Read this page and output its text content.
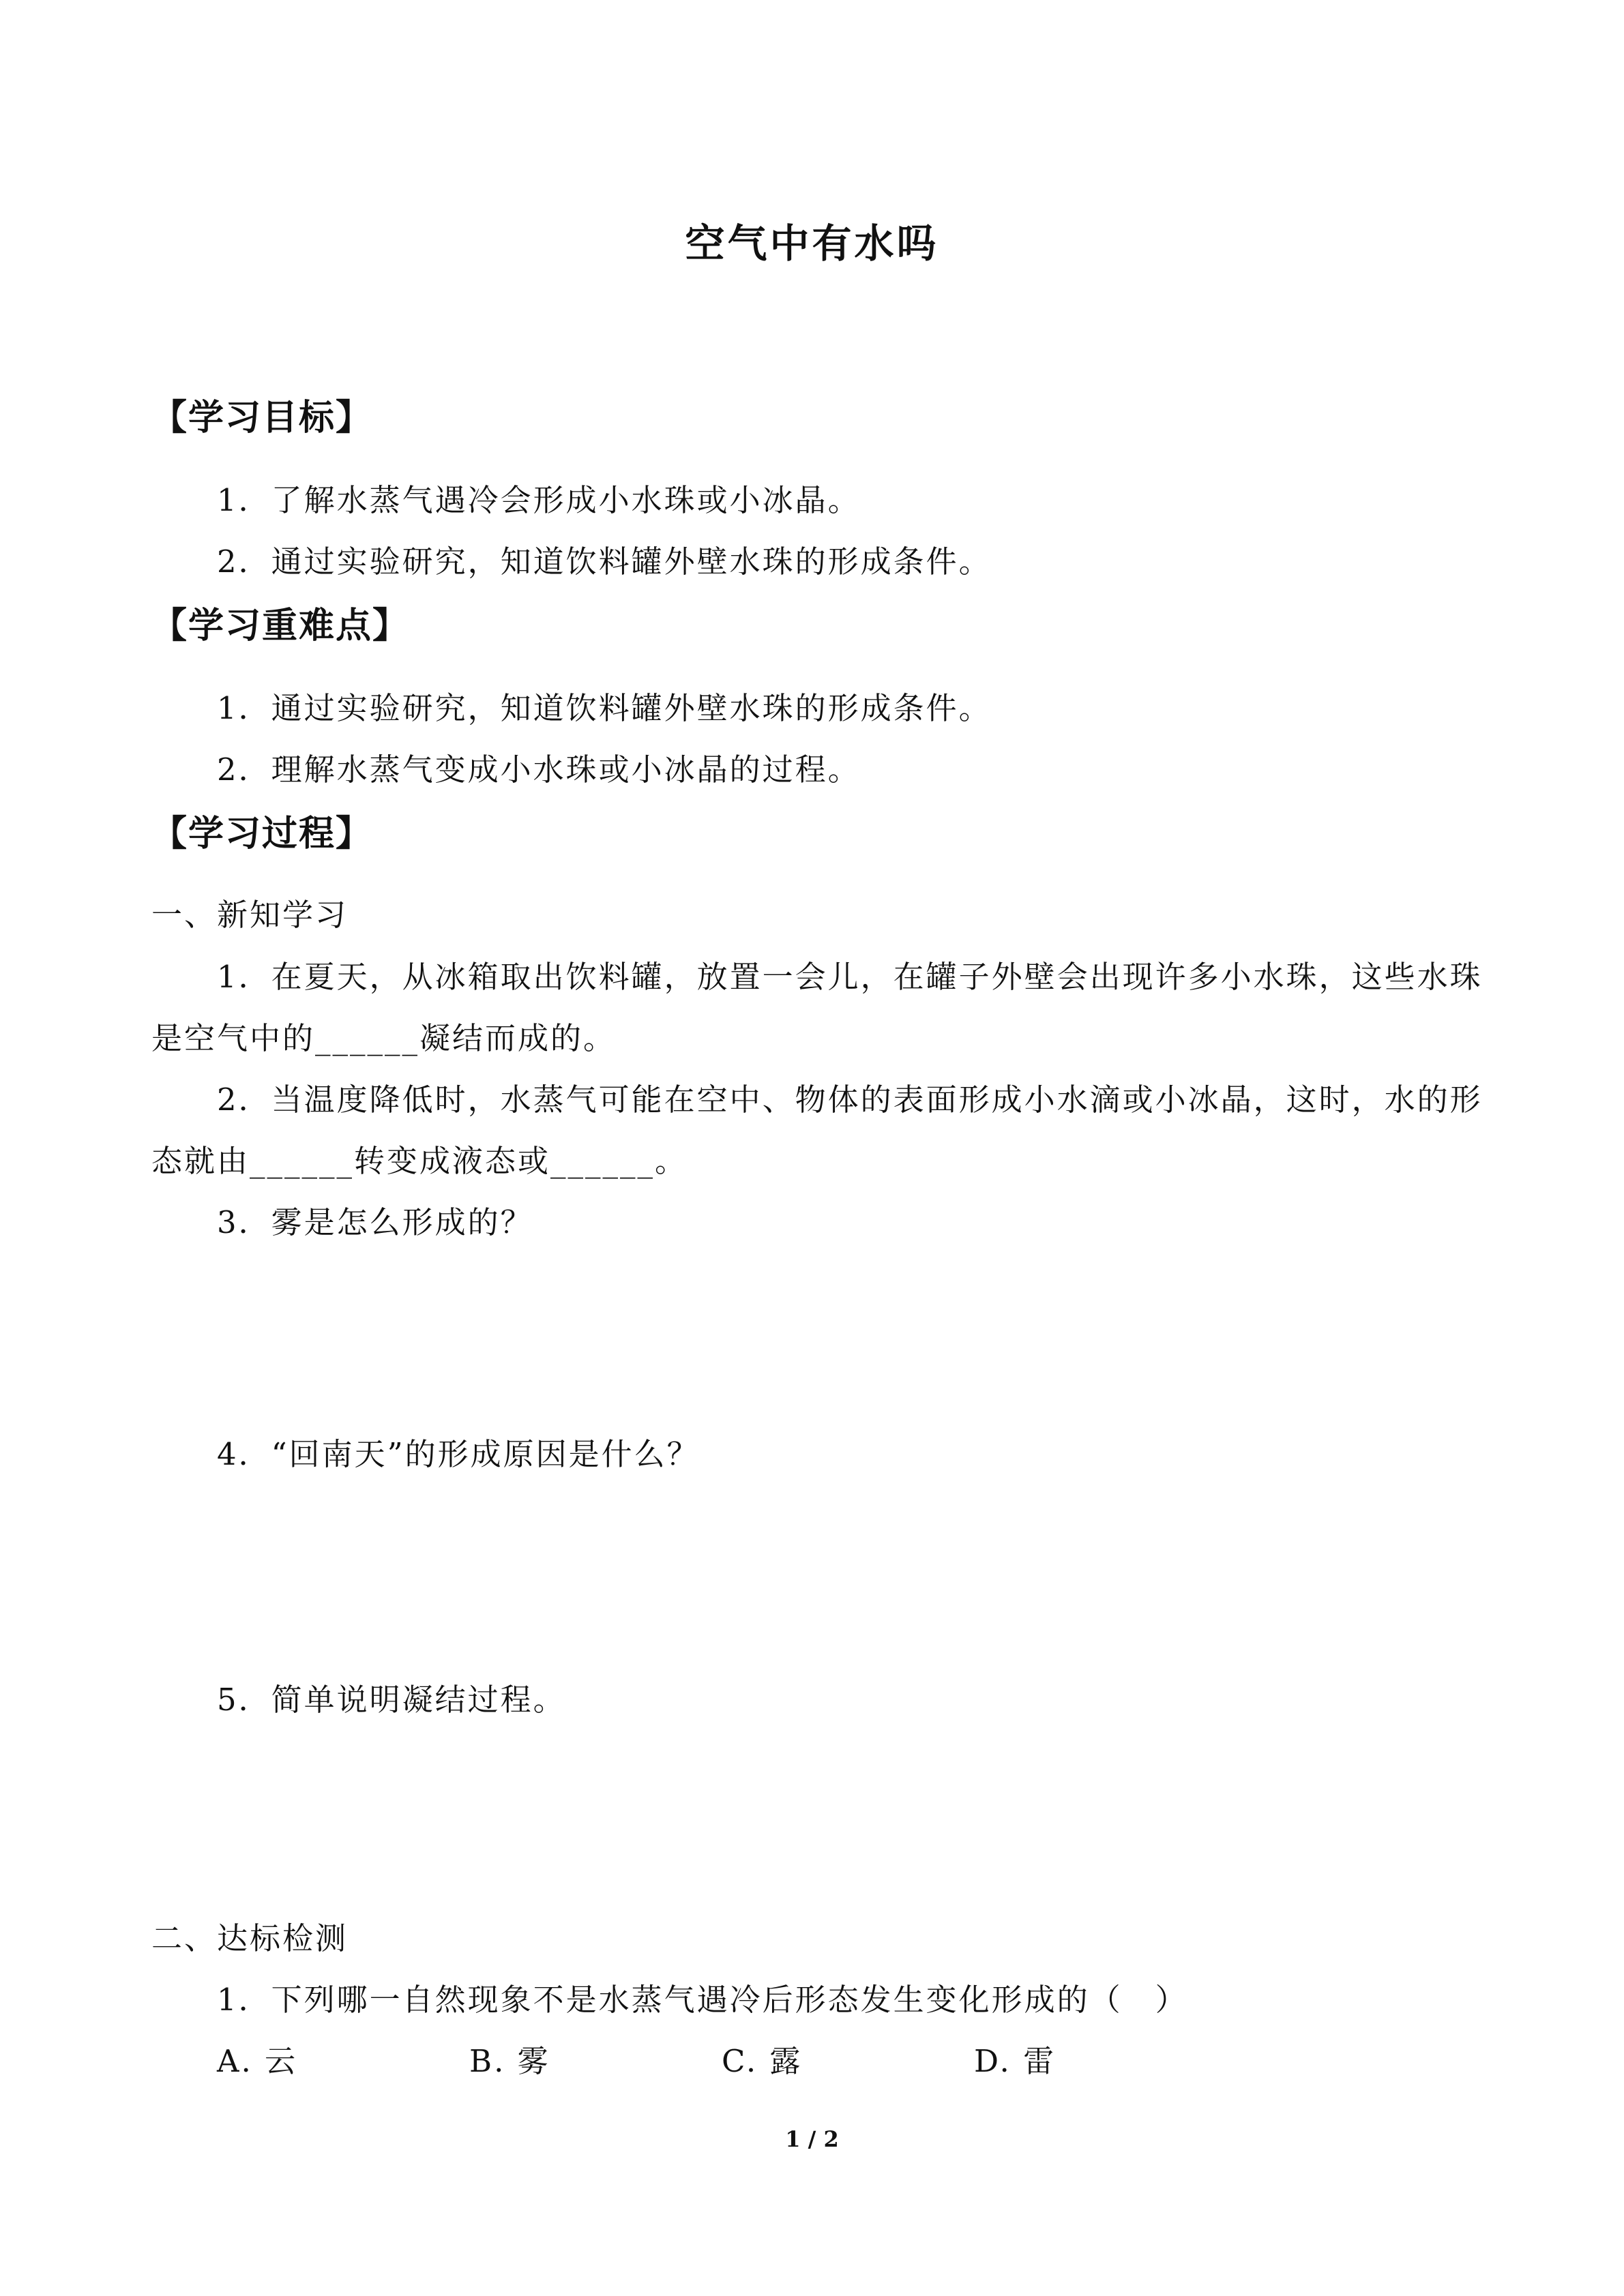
空气中有水吗
【学习目标】
1．了解水蒸气遇冷会形成小水珠或小冰晶。
2．通过实验研究，知道饮料罐外壁水珠的形成条件。
【学习重难点】
1．通过实验研究，知道饮料罐外壁水珠的形成条件。
2．理解水蒸气变成小水珠或小冰晶的过程。
【学习过程】
一、新知学习
1．在夏天，从冰箱取出饮料罐，放置一会儿，在罐子外壁会出现许多小水珠，这些水珠
是空气中的______凝结而成的。
2．当温度降低时，水蒸气可能在空中、物体的表面形成小水滴或小冰晶，这时，水的形
态就由______转变成液态或______。
3．雾是怎么形成的？
4．“回南天”的形成原因是什么？
5．简单说明凝结过程。
二、达标检测
1．下列哪一自然现象不是水蒸气遇冷后形态发生变化形成的（　）
A. 云	B. 雾	C. 露	D. 雷
1 / 2
